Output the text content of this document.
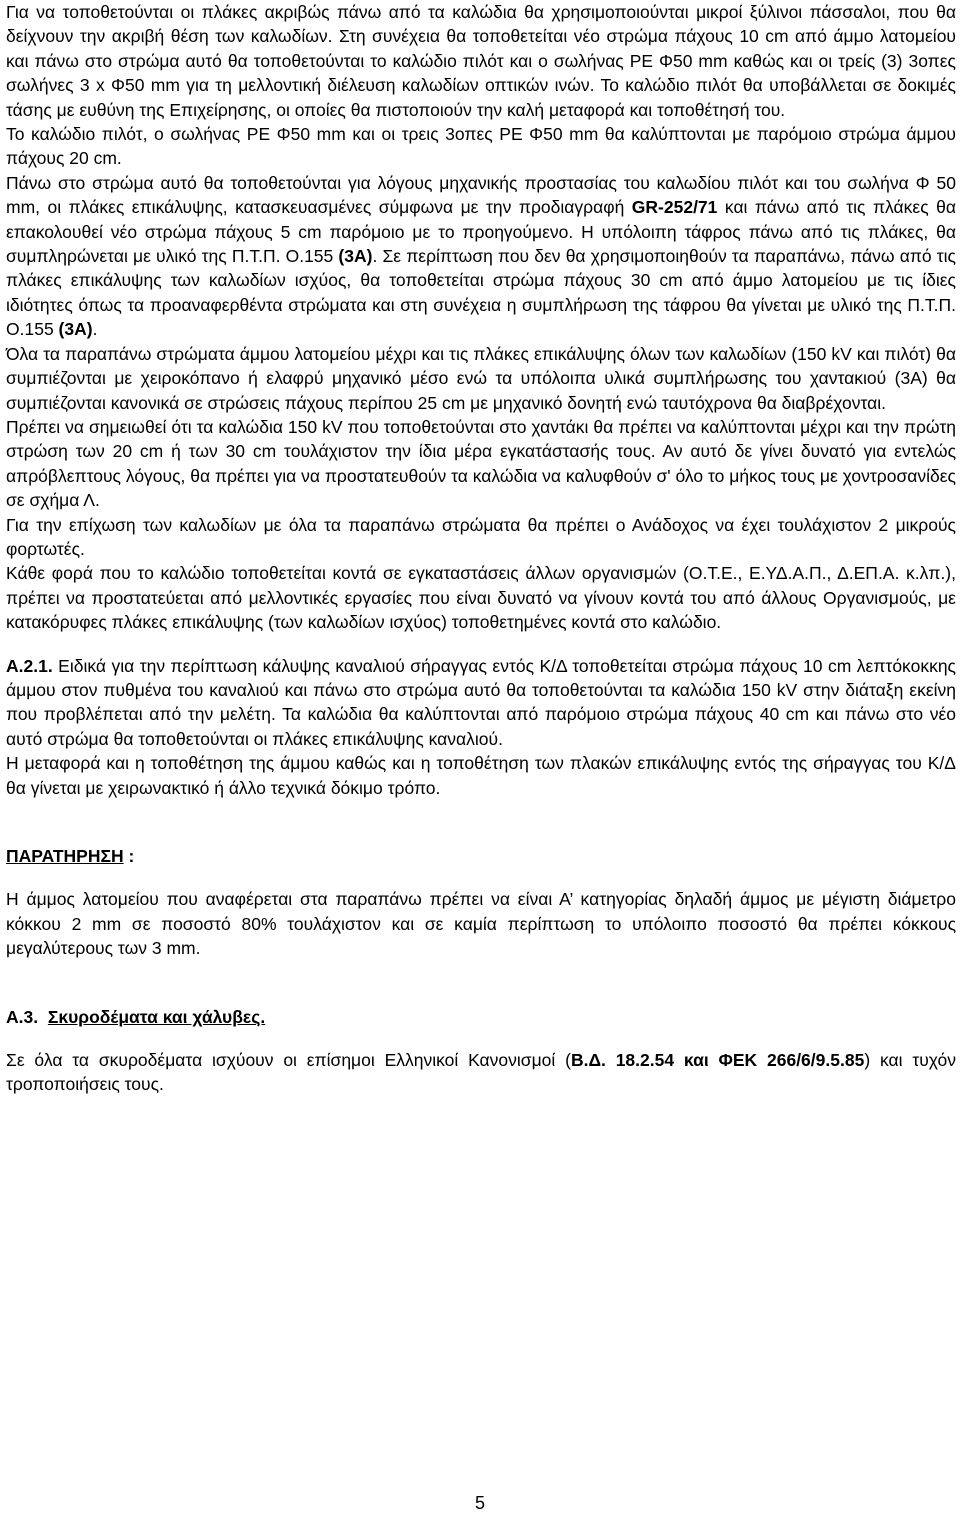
Για να τοποθετούνται οι πλάκες ακριβώς πάνω από τα καλώδια θα χρησιμοποιούνται μικροί ξύλινοι πάσσαλοι, που θα δείχνουν την ακριβή θέση των καλωδίων. Στη συνέχεια θα τοποθετείται νέο στρώμα πάχους 10 cm από άμμο λατομείου και πάνω στο στρώμα αυτό θα τοποθετούνται το καλώδιο πιλότ και ο σωλήνας PE Φ50 mm καθώς και οι τρείς (3) 3οπες σωλήνες 3 x Φ50 mm για τη μελλοντική διέλευση καλωδίων οπτικών ινών. Το καλώδιο πιλότ θα υποβάλλεται σε δοκιμές τάσης με ευθύνη της Επιχείρησης, οι οποίες θα πιστοποιούν την καλή μεταφορά και τοποθέτησή του.

Το καλώδιο πιλότ, ο σωλήνας PE Φ50 mm και οι τρεις 3οπες PE Φ50 mm θα καλύπτονται με παρόμοιο στρώμα άμμου πάχους 20 cm.

Πάνω στο στρώμα αυτό θα τοποθετούνται για λόγους μηχανικής προστασίας του καλωδίου πιλότ και του σωλήνα Φ 50 mm, οι πλάκες επικάλυψης, κατασκευασμένες σύμφωνα με την προδιαγραφή GR-252/71 και πάνω από τις πλάκες θα επακολουθεί νέο στρώμα πάχους 5 cm παρόμοιο με το προηγούμενο. Η υπόλοιπη τάφρος πάνω από τις πλάκες, θα συμπληρώνεται με υλικό της Π.Τ.Π. Ο.155 (3Α). Σε περίπτωση που δεν θα χρησιμοποιηθούν τα παραπάνω, πάνω από τις πλάκες επικάλυψης των καλωδίων ισχύος, θα τοποθετείται στρώμα πάχους 30 cm από άμμο λατομείου με τις ίδιες ιδιότητες όπως τα προαναφερθέντα στρώματα και στη συνέχεια η συμπλήρωση της τάφρου θα γίνεται με υλικό της Π.Τ.Π. Ο.155 (3Α).

Όλα τα παραπάνω στρώματα άμμου λατομείου μέχρι και τις πλάκες επικάλυψης όλων των καλωδίων (150 kV και πιλότ) θα συμπιέζονται με χειροκόπανο ή ελαφρύ μηχανικό μέσο ενώ τα υπόλοιπα υλικά συμπλήρωσης του χαντακιού (3Α) θα συμπιέζονται κανονικά σε στρώσεις πάχους περίπου 25 cm με μηχανικό δονητή ενώ ταυτόχρονα θα διαβρέχονται.

Πρέπει να σημειωθεί ότι τα καλώδια 150 kV που τοποθετούνται στο χαντάκι θα πρέπει να καλύπτονται μέχρι και την πρώτη στρώση των 20 cm ή των 30 cm τουλάχιστον την ίδια μέρα εγκατάστασής τους. Αν αυτό δε γίνει δυνατό για εντελώς απρόβλεπτους λόγους, θα πρέπει για να προστατευθούν τα καλώδια να καλυφθούν σ' όλο το μήκος τους με χοντροσανίδες σε σχήμα Λ.

Για την επίχωση των καλωδίων με όλα τα παραπάνω στρώματα θα πρέπει ο Ανάδοχος να έχει τουλάχιστον 2 μικρούς φορτωτές.

Κάθε φορά που το καλώδιο τοποθετείται κοντά σε εγκαταστάσεις άλλων οργανισμών (Ο.Τ.Ε., Ε.ΥΔ.Α.Π., Δ.ΕΠ.Α. κ.λπ.), πρέπει να προστατεύεται από μελλοντικές εργασίες που είναι δυνατό να γίνουν κοντά του από άλλους Οργανισμούς, με κατακόρυφες πλάκες επικάλυψης (των καλωδίων ισχύος) τοποθετημένες κοντά στο καλώδιο.

Α.2.1. Ειδικά για την περίπτωση κάλυψης καναλιού σήραγγας εντός Κ/Δ τοποθετείται στρώμα πάχους 10 cm λεπτόκοκκης άμμου στον πυθμένα του καναλιού και πάνω στο στρώμα αυτό θα τοποθετούνται τα καλώδια 150 kV στην διάταξη εκείνη που προβλέπεται από την μελέτη. Τα καλώδια θα καλύπτονται από παρόμοιο στρώμα πάχους 40 cm και πάνω στο νέο αυτό στρώμα θα τοποθετούνται οι πλάκες επικάλυψης καναλιού.

Η μεταφορά και η τοποθέτηση της άμμου καθώς και η τοποθέτηση των πλακών επικάλυψης εντός της σήραγγας του Κ/Δ θα γίνεται με χειρωνακτικό ή άλλο τεχνικά δόκιμο τρόπο.

ΠΑΡΑΤΗΡΗΣΗ :

Η άμμος λατομείου που αναφέρεται στα παραπάνω πρέπει να είναι Α’ κατηγορίας δηλαδή άμμος με μέγιστη διάμετρο κόκκου 2 mm σε ποσοστό 80% τουλάχιστον και σε καμία περίπτωση το υπόλοιπο ποσοστό θα πρέπει κόκκους μεγαλύτερους των 3 mm.

Α.3. Σκυροδέματα και χάλυβες.

Σε όλα τα σκυροδέματα ισχύουν οι επίσημοι Ελληνικοί Κανονισμοί (Β.Δ. 18.2.54 και ΦΕΚ 266/6/9.5.85) και τυχόν τροποποιήσεις τους.

5
